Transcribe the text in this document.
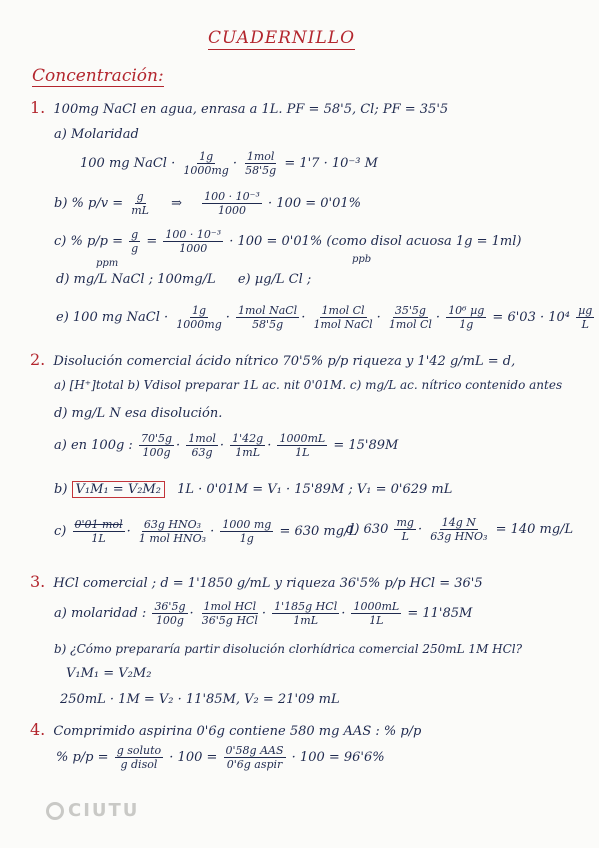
CUADERNILLO
Concentración:
1. 100mg NaCl en agua, enrasa a 1L. PF = 58'5, Cl; PF = 35'5
a) Molaridad
100 mg NaCl · $\frac{1g}{1000mg} \cdot \frac{\text{1mol}}{58'5g} = 1'7 \cdot 10^{-3}$ M
b) % $p/v = \frac{g}{mL}$ ⇒ $\frac{\text{100 · 10⁻³}}{1000} \cdot 100 = 0'01\%$
c) % $p/p = \frac{g}{g} = \frac{\text{100 · 10⁻³}}{1000} \cdot 100 = 0'01\%$ (como disol acuosa 1g = 1ml)
ppm	ppb
d) mg/L NaCl ; 100mg/L e) µg/L Cl ;
e) 100 mg NaCl · $\frac{1g}{1000mg} \cdot \frac{\text{1mol NaCl}}{58'5g} \cdot \frac{\text{1mol Cl}}{\text{1mol NaCl}} \cdot \frac{35'5g}{\text{1mol Cl}} \cdot \frac{\text{10⁶ µg}}{1g} = 6'03 \cdot 10^4 \frac{\text{µg}}{L}$
2. Disolución comercial ácido nítrico 70'5% p/p riqueza y 1'42 g/mL = d,
a) [H⁺]total b) Vdisol preparar 1L ac. nit 0'01M. c) mg/L ac. nítrico contenido antes
d) mg/L N esa disolución.
a) en 100g : $\frac{70'5g}{100g} \cdot \frac{\text{1mol}}{63g} \cdot \frac{1'42g}{1mL} \cdot \frac{1000mL}{1L} = 15'89M$
b) V₁M₁ = V₂M₂ 1L · 0'01M = V₁ · 15'89M ; V₁ = 0'629 mL
$c) \frac{\text{0'01 mol}}{1L} \cdot \frac{\text{63g HNO₃}}{\text{1 mol HNO₃}} \cdot \frac{1000 mg}{1g} = 630$ mg/L
d) $630 \frac{mg}{L} \cdot \frac{\text{14g N}}{\text{63g HNO₃}} = 140$ mg/L
3. HCl comercial ; d = 1'1850 g/mL y riqueza 36'5% p/p HCl = 36'5
a) molaridad : $\frac{36'5g}{100g} \cdot \frac{\text{1mol HCl}}{\text{36'5g HCl}} \cdot \frac{\text{1'185g HCl}}{1mL} \cdot \frac{1000mL}{1L} = 11'85M$
b) ¿Cómo prepararía partir disolución clorhídrica comercial 250mL 1M HCl?
V₁M₁ = V₂M₂
250mL · 1M = V₂ · 11'85M, V₂ = 21'09 mL
4. Comprimido aspirina 0'6g contiene 580 mg AAS : % p/p
% $p/p = \frac{\text{g soluto}}{\text{g disol}} \cdot 100 = \frac{\text{0'58g AAS}}{\text{0'6g aspir}} \cdot 100 = 96'6\%$
CIUTU
